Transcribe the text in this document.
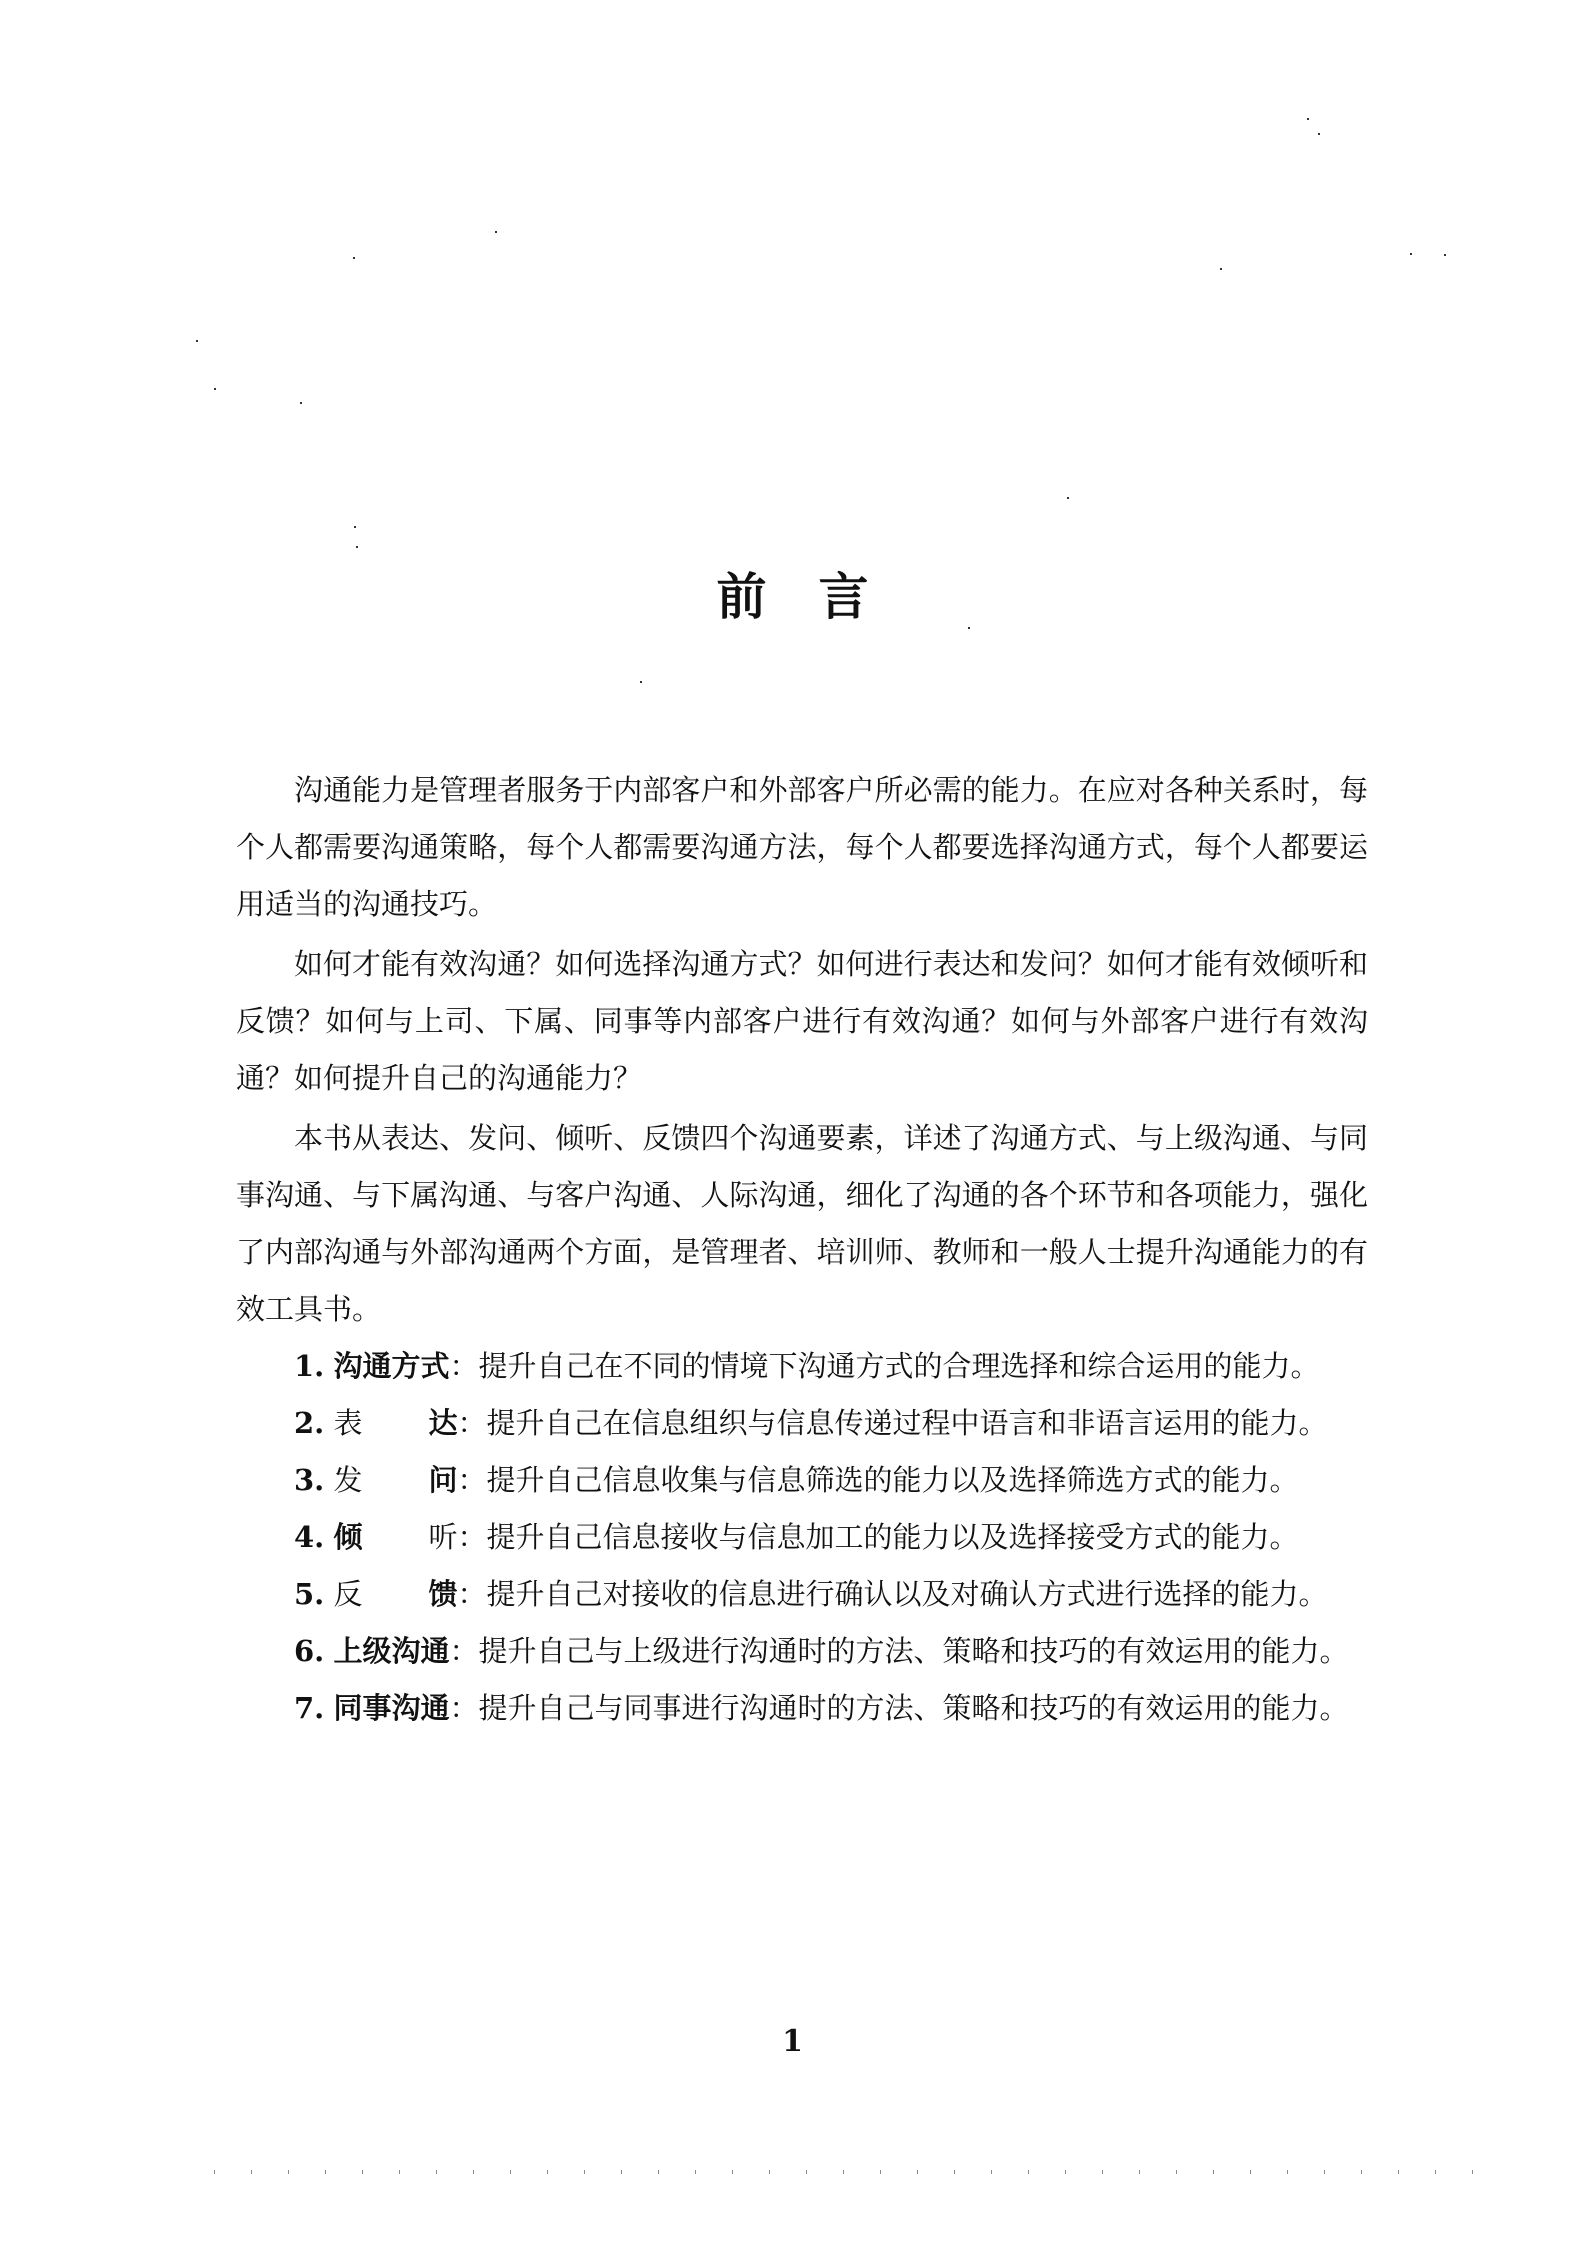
前言

沟通能力是管理者服务于内部客户和外部客户所必需的能力。在应对各种关系时，每个人都需要沟通策略，每个人都需要沟通方法，每个人都要选择沟通方式，每个人都要运用适当的沟通技巧。

如何才能有效沟通？如何选择沟通方式？如何进行表达和发问？如何才能有效倾听和反馈？如何与上司、下属、同事等内部客户进行有效沟通？如何与外部客户进行有效沟通？如何提升自己的沟通能力？

本书从表达、发问、倾听、反馈四个沟通要素，详述了沟通方式、与上级沟通、与同事沟通、与下属沟通、与客户沟通、人际沟通，细化了沟通的各个环节和各项能力，强化了内部沟通与外部沟通两个方面，是管理者、培训师、教师和一般人士提升沟通能力的有效工具书。

1. 沟通方式：提升自己在不同的情境下沟通方式的合理选择和综合运用的能力。

2. 表 达：提升自己在信息组织与信息传递过程中语言和非语言运用的能力。

3. 发 问：提升自己信息收集与信息筛选的能力以及选择筛选方式的能力。

4. 倾 听：提升自己信息接收与信息加工的能力以及选择接受方式的能力。

5. 反 馈：提升自己对接收的信息进行确认以及对确认方式进行选择的能力。

6. 上级沟通：提升自己与上级进行沟通时的方法、策略和技巧的有效运用的能力。

7. 同事沟通：提升自己与同事进行沟通时的方法、策略和技巧的有效运用的能力。

1
